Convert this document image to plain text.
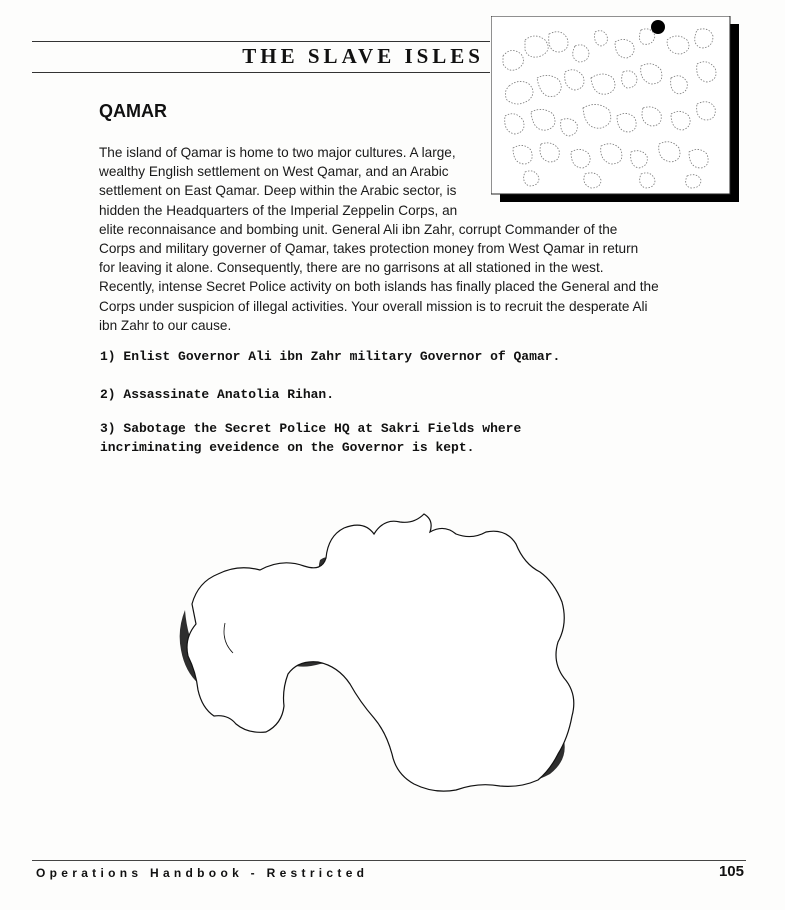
THE SLAVE ISLES
QAMAR
The island of Qamar is home to two major cultures. A large,
wealthy English settlement on West Qamar, and an Arabic
settlement on East Qamar. Deep within the Arabic sector, is
hidden the Headquarters of the Imperial Zeppelin Corps, an
elite reconnaisance and bombing unit. General Ali ibn Zahr, corrupt Commander of the
Corps and military governer of Qamar, takes protection money from West Qamar in return
for leaving it alone. Consequently, there are no garrisons at all stationed in the west.
Recently, intense Secret Police activity on both islands has finally placed the General and the
Corps under suspicion of illegal activities. Your overall mission is to recruit the desperate Ali
ibn Zahr to our cause.
1) Enlist Governor Ali ibn Zahr military Governor of Qamar.
2) Assassinate Anatolia Rihan.
3) Sabotage the Secret Police HQ at Sakri Fields where
incriminating eveidence on the Governor is kept.
Operations Handbook - Restricted	105
